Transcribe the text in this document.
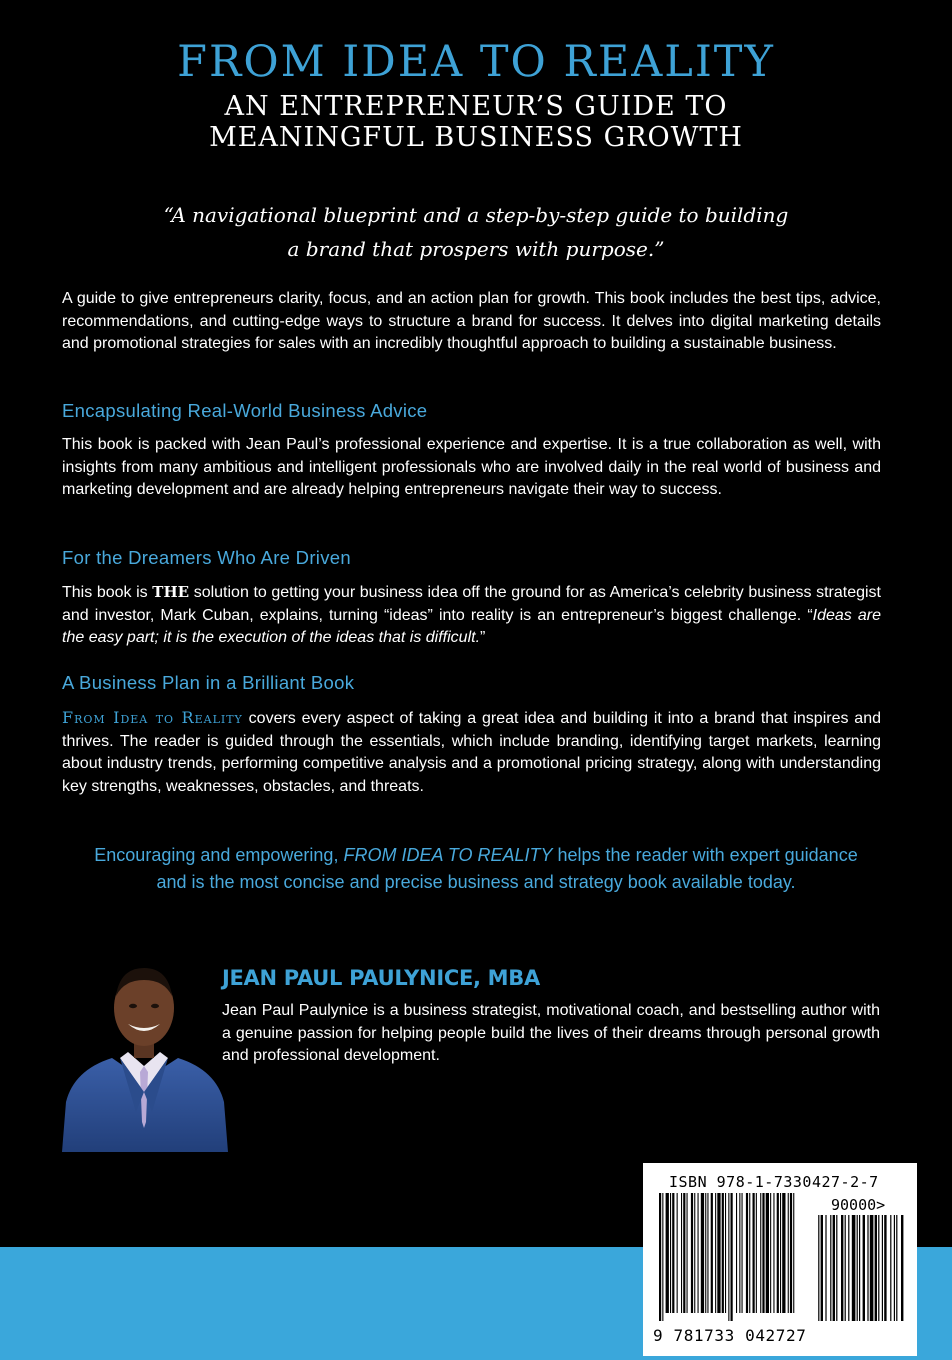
FROM IDEA TO REALITY
AN ENTREPRENEUR’S GUIDE TO
MEANINGFUL BUSINESS GROWTH
“A navigational blueprint and a step-by-step guide to building
a brand that prospers with purpose.”
A guide to give entrepreneurs clarity, focus, and an action plan for growth. This book includes the best tips, advice, recommendations, and cutting-edge ways to structure a brand for success. It delves into digital marketing details and promotional strategies for sales with an incredibly thoughtful approach to building a sustainable business.
Encapsulating Real-World Business Advice
This book is packed with Jean Paul’s professional experience and expertise. It is a true collaboration as well, with insights from many ambitious and intelligent professionals who are involved daily in the real world of business and marketing development and are already helping entrepreneurs navigate their way to success.
For the Dreamers Who Are Driven
This book is THE solution to getting your business idea off the ground for as America’s celebrity business strategist and investor, Mark Cuban, explains, turning “ideas” into reality is an entrepreneur’s biggest challenge. “Ideas are the easy part; it is the execution of the ideas that is difficult.”
A Business Plan in a Brilliant Book
From Idea to Reality covers every aspect of taking a great idea and building it into a brand that inspires and thrives. The reader is guided through the essentials, which include branding, identifying target markets, learning about industry trends, performing competitive analysis and a promotional pricing strategy, along with understanding key strengths, weaknesses, obstacles, and threats.
Encouraging and empowering, FROM IDEA TO REALITY helps the reader with expert guidance
and is the most concise and precise business and strategy book available today.
JEAN PAUL PAULYNICE, MBA
Jean Paul Paulynice is a business strategist, motivational coach, and bestselling author with a genuine passion for helping people build the lives of their dreams through personal growth and professional development.
ISBN 978-1-7330427-2-7
90000>
9 781733 042727
